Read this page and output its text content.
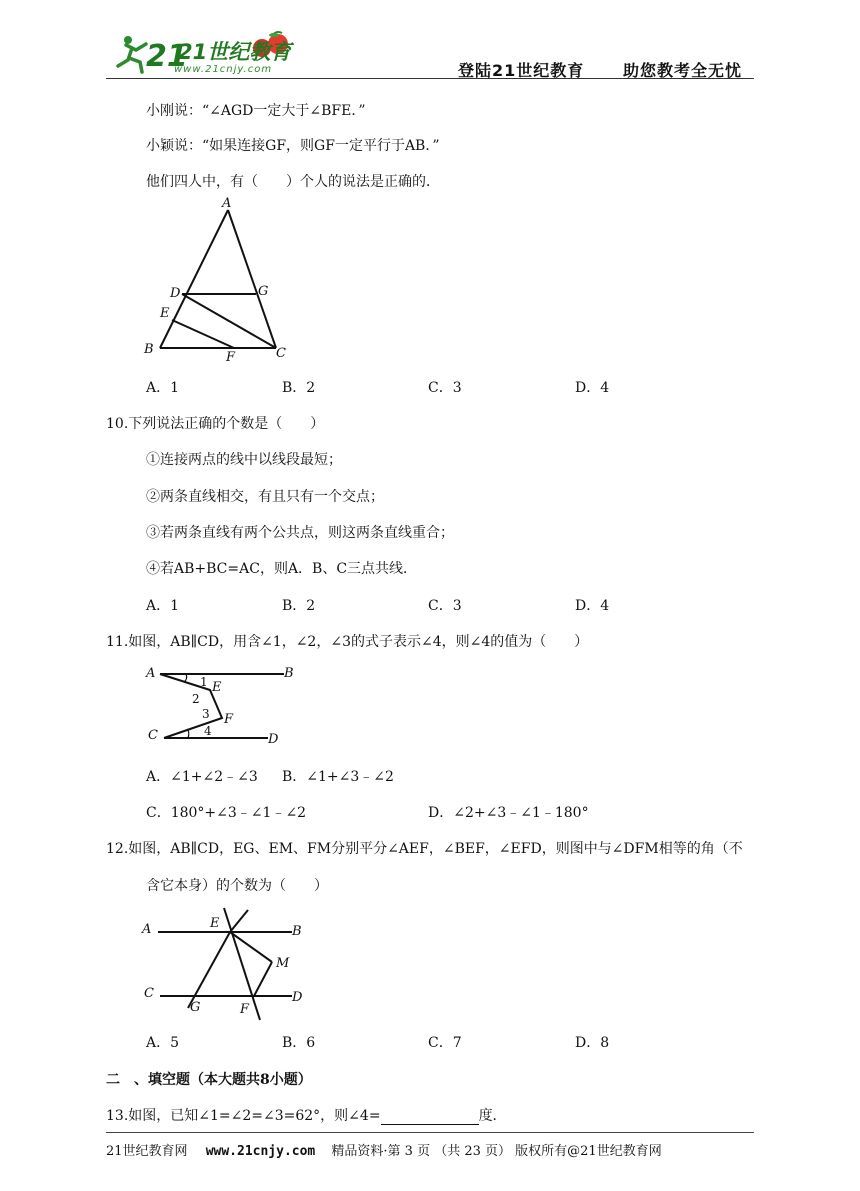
21
21世纪教育
www.21cnjy.com	登陆21世纪教育 助您教考全无忧
小刚说：“∠AGD一定大于∠BFE．”
小颖说：“如果连接GF，则GF一定平行于AB．”
他们四人中，有（　　）个人的说法是正确的．
A
D	G
E
B
F	C
A．1	B．2	C．3	D．4
10.下列说法正确的个数是（　　）
①连接两点的线中以线段最短；
②两条直线相交，有且只有一个交点；
③若两条直线有两个公共点，则这两条直线重合；
④若AB+BC=AC，则A．B、C三点共线．
A．1	B．2	C．3	D．4
11.如图，AB∥CD，用含∠1，∠2，∠3的式子表示∠4，则∠4的值为（　　）
A	B
E
F
C	D
1
2
3
4
A．∠1+∠2﹣∠3 B．∠1+∠3﹣∠2
C．180°+∠3﹣∠1﹣∠2	D．∠2+∠3﹣∠1﹣180°
12.如图，AB∥CD，EG、EM、FM分别平分∠AEF，∠BEF，∠EFD，则图中与∠DFM相等的角（不
含它本身）的个数为（　　）
A	E
B
M
C
G	F
D
A．5	B．6	C．7	D．8
二　、填空题（本大题共8小题）
13.如图，已知∠1=∠2=∠3=62°，则∠4=	度．
21世纪教育网 www.21cnjy.com 精品资料·第 3 页 （共 23 页） 版权所有@21世纪教育网
